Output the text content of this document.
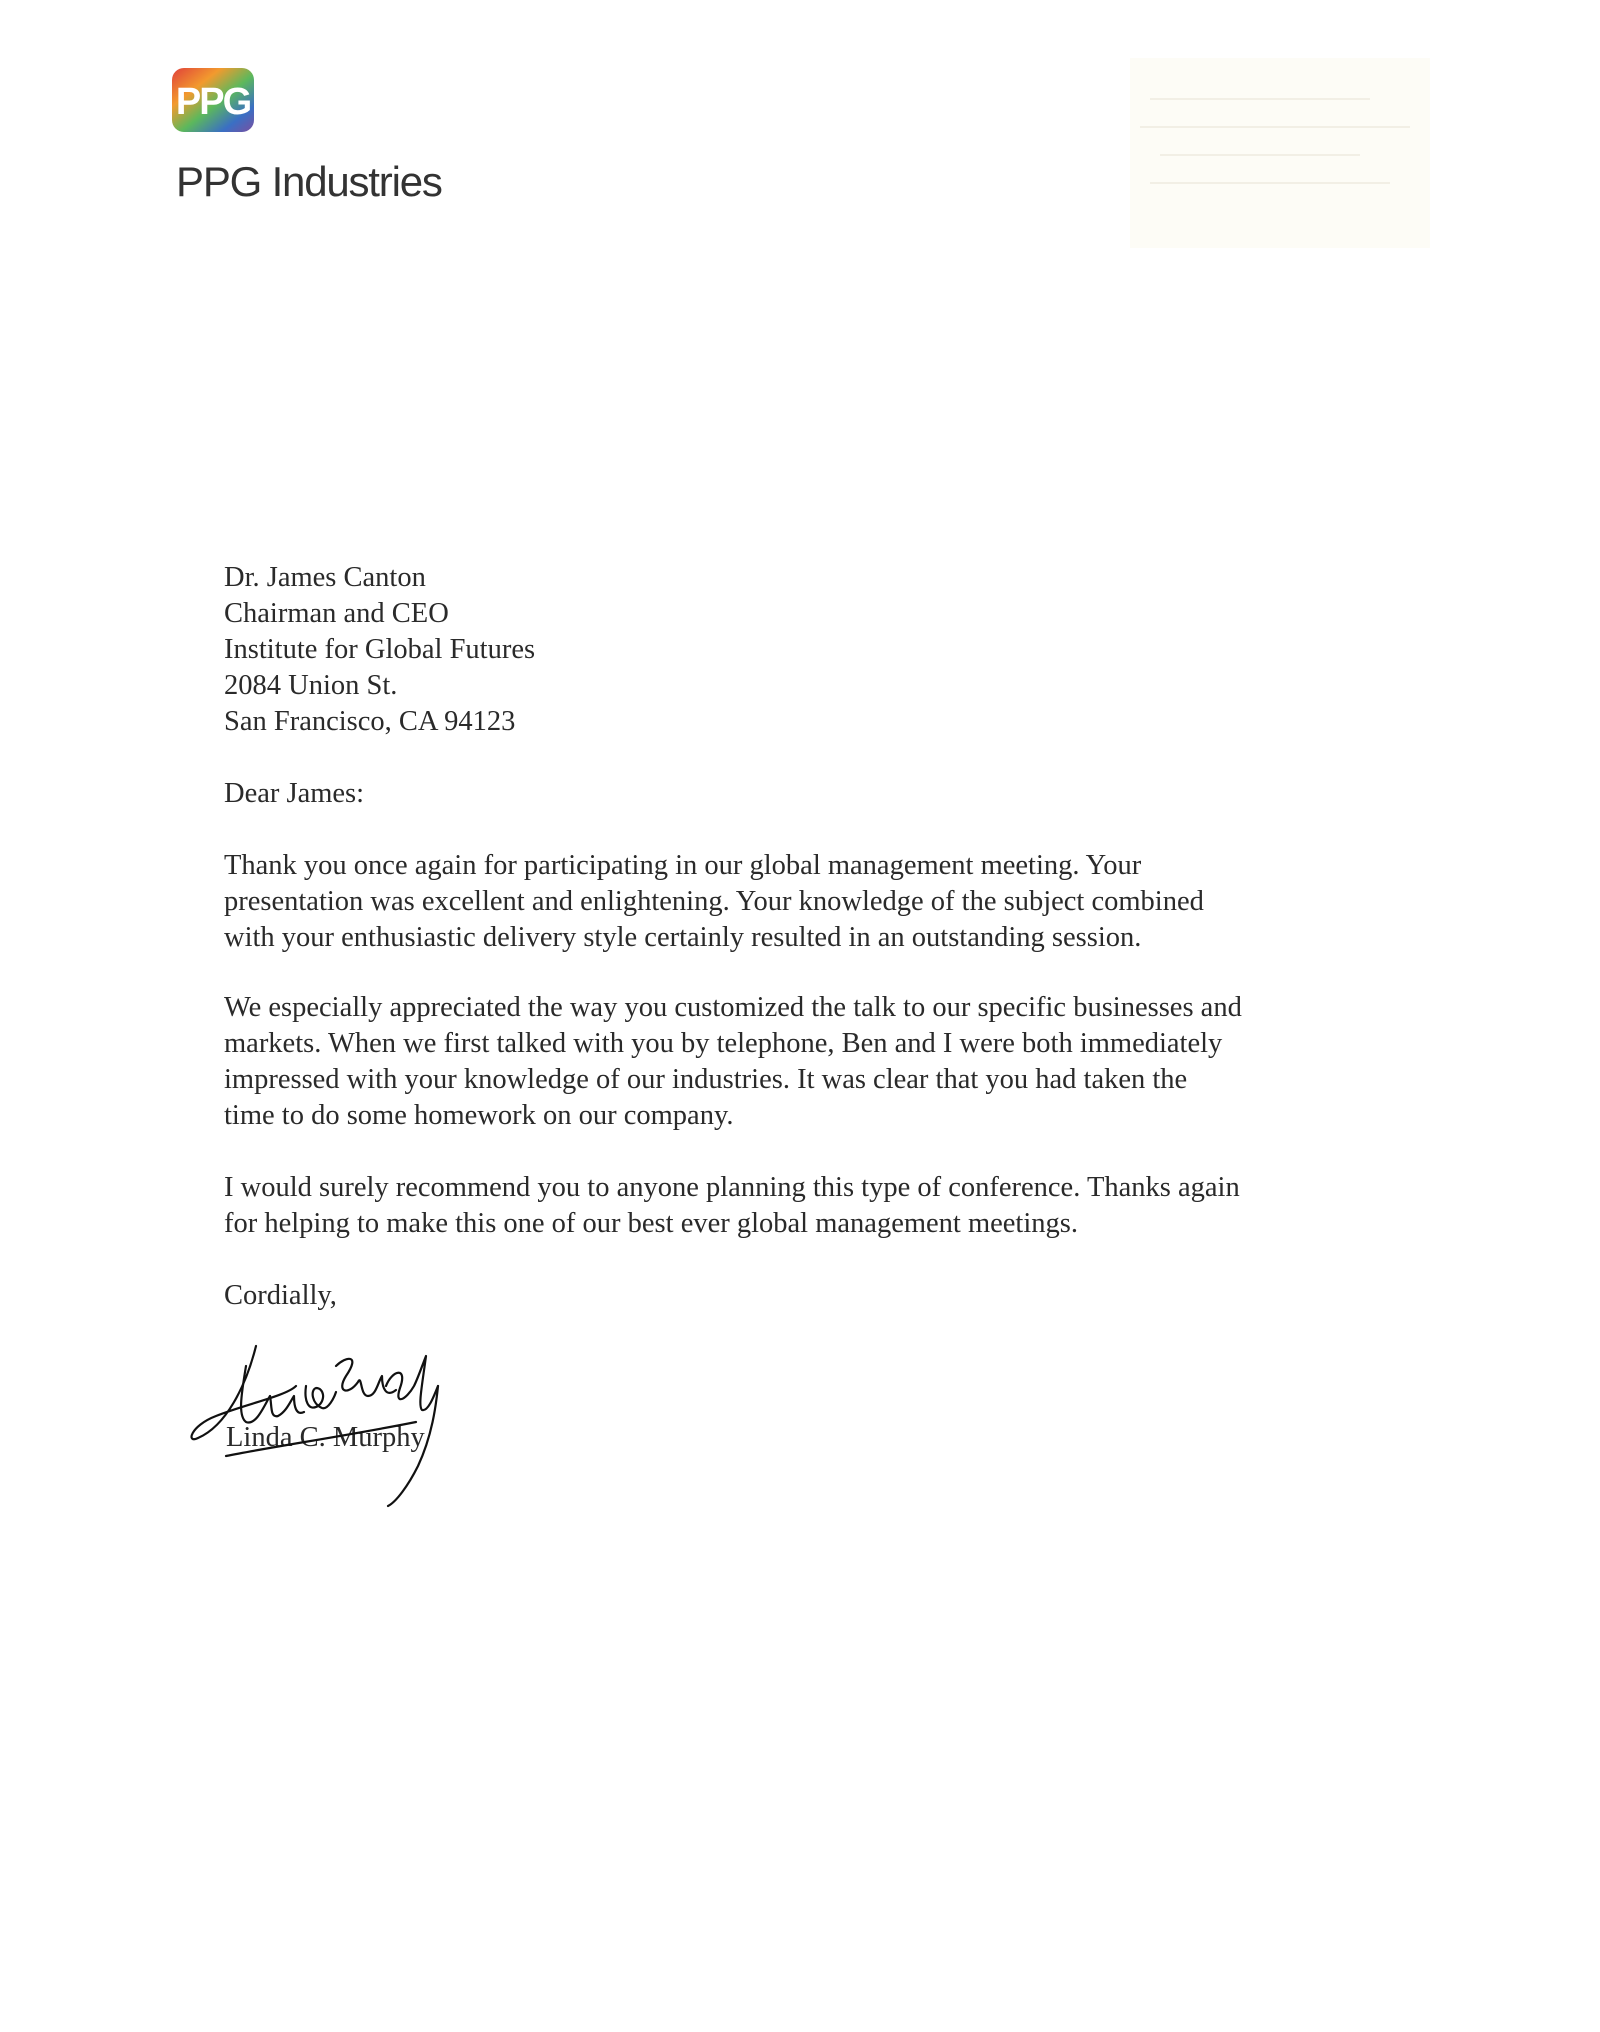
PPG
PPG Industries
Dr. James Canton
Chairman and CEO
Institute for Global Futures
2084 Union St.
San Francisco, CA 94123
Dear James:
Thank you once again for participating in our global management meeting. Your
presentation was excellent and enlightening. Your knowledge of the subject combined
with your enthusiastic delivery style certainly resulted in an outstanding session.
We especially appreciated the way you customized the talk to our specific businesses and
markets. When we first talked with you by telephone, Ben and I were both immediately
impressed with your knowledge of our industries. It was clear that you had taken the
time to do some homework on our company.
I would surely recommend you to anyone planning this type of conference. Thanks again
for helping to make this one of our best ever global management meetings.
Cordially,
Linda C. Murphy
